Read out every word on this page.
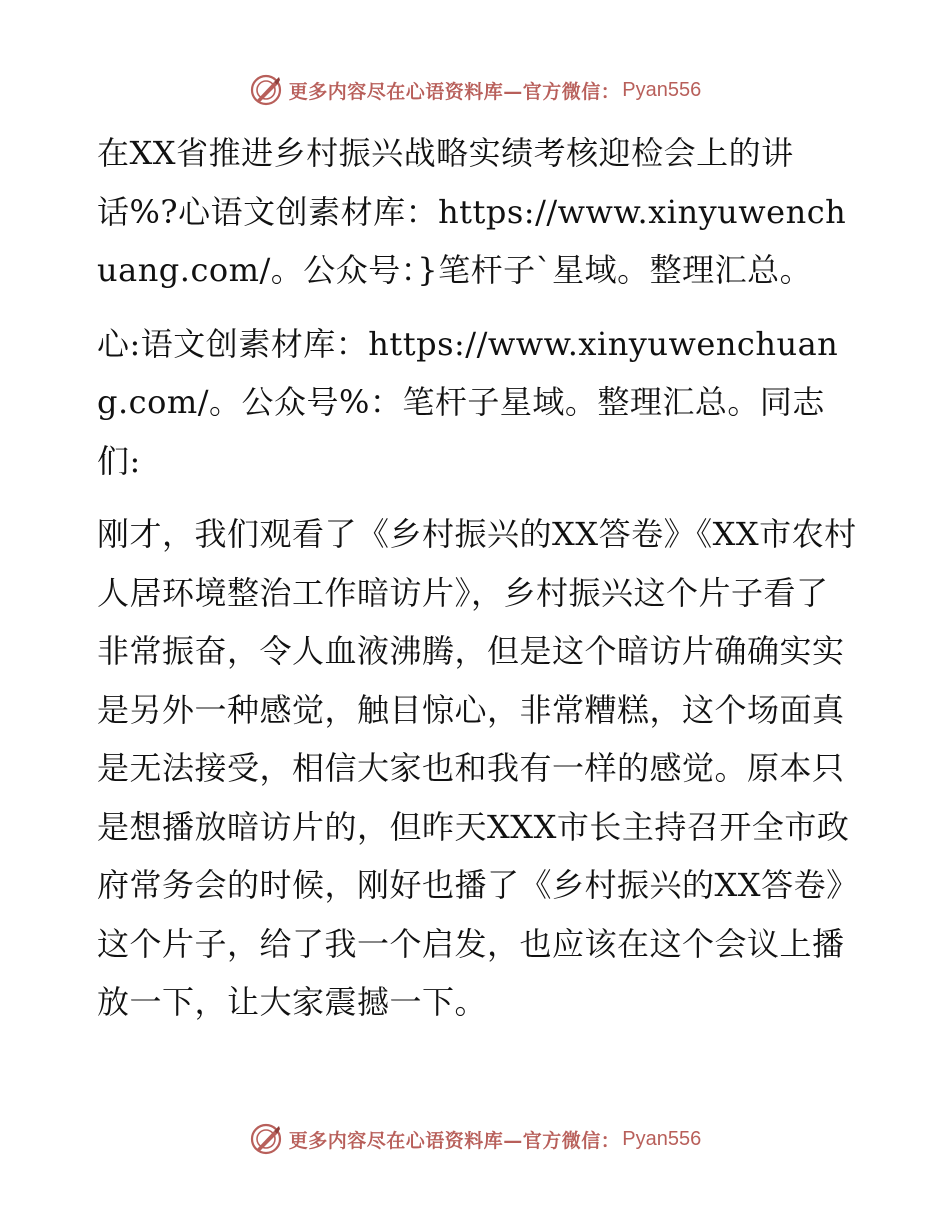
更多内容尽在心语资料库—官方微信： Pyan556

在XX省推进乡村振兴战略实绩考核迎检会上的讲话%?心语文创素材库：https://www.xinyuwenchuang.com/。公众号：}笔杆子`星域。整理汇总。

心:语文创素材库：https://www.xinyuwenchuang.com/。公众号%：笔杆子星域。整理汇总。同志们:

刚才，我们观看了《乡村振兴的XX答卷》《XX市农村人居环境整治工作暗访片》，乡村振兴这个片子看了非常振奋，令人血液沸腾，但是这个暗访片确确实实是另外一种感觉，触目惊心，非常糟糕，这个场面真是无法接受，相信大家也和我有一样的感觉。原本只是想播放暗访片的，但昨天XXX市长主持召开全市政府常务会的时候，刚好也播了《乡村振兴的XX答卷》这个片子，给了我一个启发，也应该在这个会议上播放一下，让大家震撼一下。

更多内容尽在心语资料库—官方微信： Pyan556
